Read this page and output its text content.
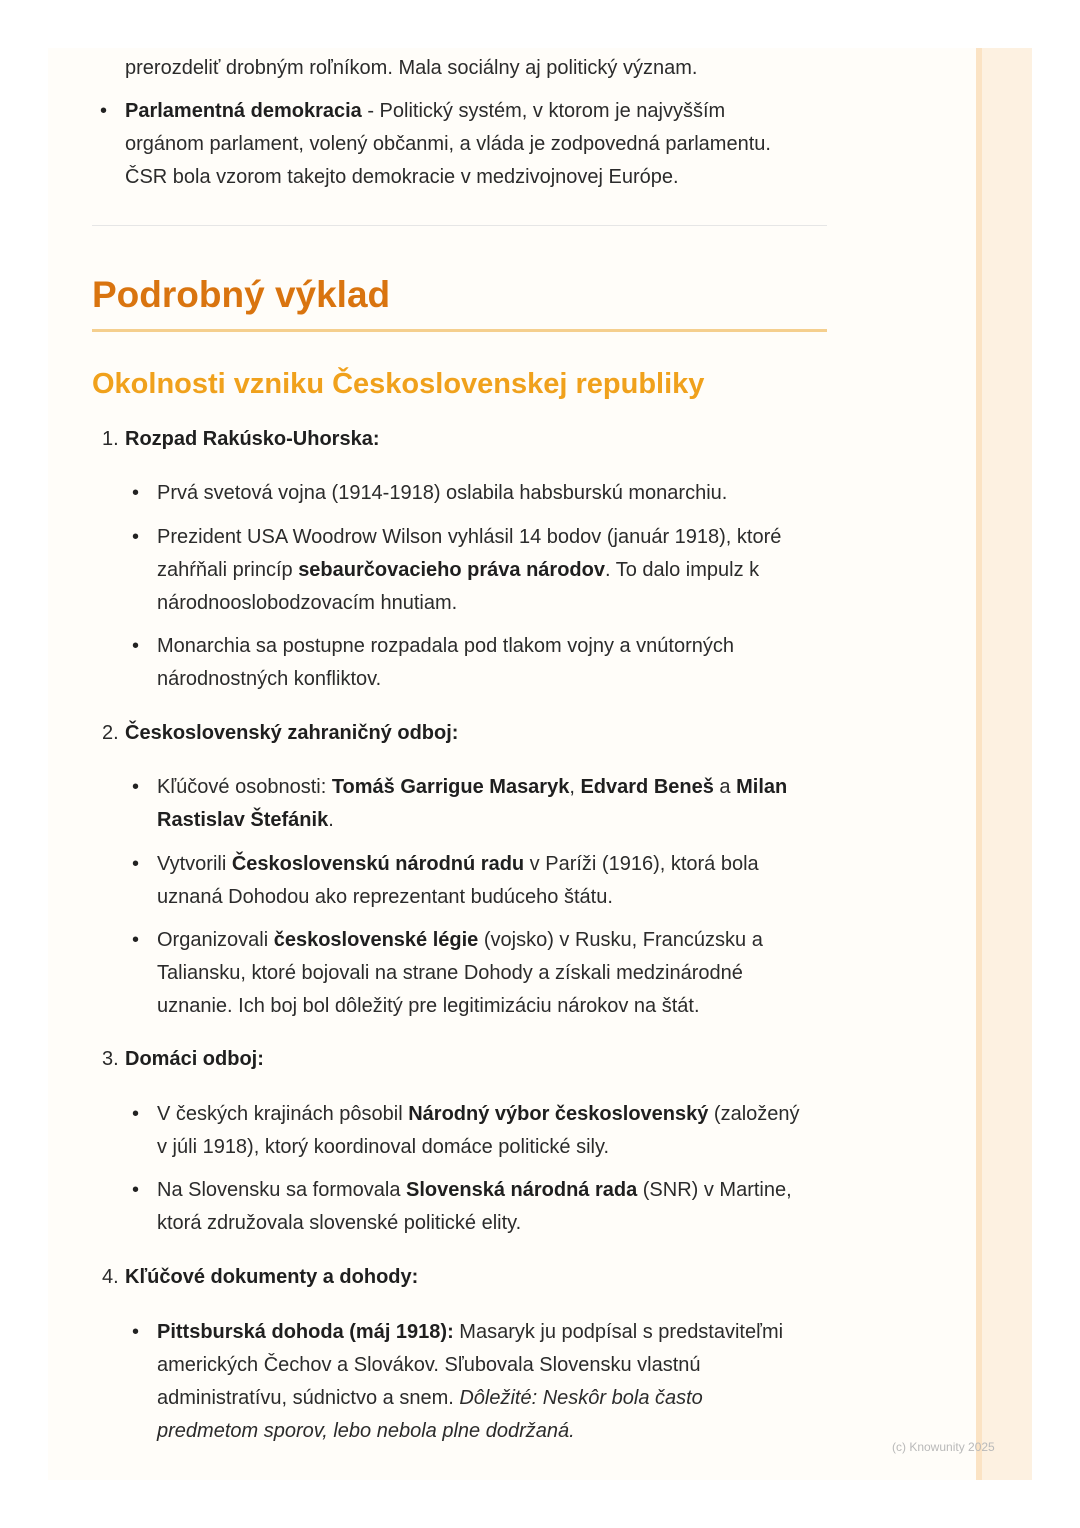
prerozdeliť drobným roľníkom. Mala sociálny aj politický význam.
• Parlamentná demokracia - Politický systém, v ktorom je najvyšším
orgánom parlament, volený občanmi, a vláda je zodpovedná parlamentu.
ČSR bola vzorom takejto demokracie v medzivojnovej Európe.
Podrobný výklad
Okolnosti vzniku Československej republiky
1. Rozpad Rakúsko-Uhorska:
• Prvá svetová vojna (1914-1918) oslabila habsburskú monarchiu.
• Prezident USA Woodrow Wilson vyhlásil 14 bodov (január 1918), ktoré
zahŕňali princíp sebaurčovacieho práva národov. To dalo impulz k
národnooslobodzovacím hnutiam.
• Monarchia sa postupne rozpadala pod tlakom vojny a vnútorných
národnostných konfliktov.
2. Československý zahraničný odboj:
• Kľúčové osobnosti: Tomáš Garrigue Masaryk, Edvard Beneš a Milan
Rastislav Štefánik.
• Vytvorili Československú národnú radu v Paríži (1916), ktorá bola
uznaná Dohodou ako reprezentant budúceho štátu.
• Organizovali československé légie (vojsko) v Rusku, Francúzsku a
Taliansku, ktoré bojovali na strane Dohody a získali medzinárodné
uznanie. Ich boj bol dôležitý pre legitimizáciu nárokov na štát.
3. Domáci odboj:
• V českých krajinách pôsobil Národný výbor československý (založený
v júli 1918), ktorý koordinoval domáce politické sily.
• Na Slovensku sa formovala Slovenská národná rada (SNR) v Martine,
ktorá združovala slovenské politické elity.
4. Kľúčové dokumenty a dohody:
• Pittsburská dohoda (máj 1918): Masaryk ju podpísal s predstaviteľmi
amerických Čechov a Slovákov. Sľubovala Slovensku vlastnú
administratívu, súdnictvo a snem. Dôležité: Neskôr bola často
predmetom sporov, lebo nebola plne dodržaná.
(c) Knowunity 2025
